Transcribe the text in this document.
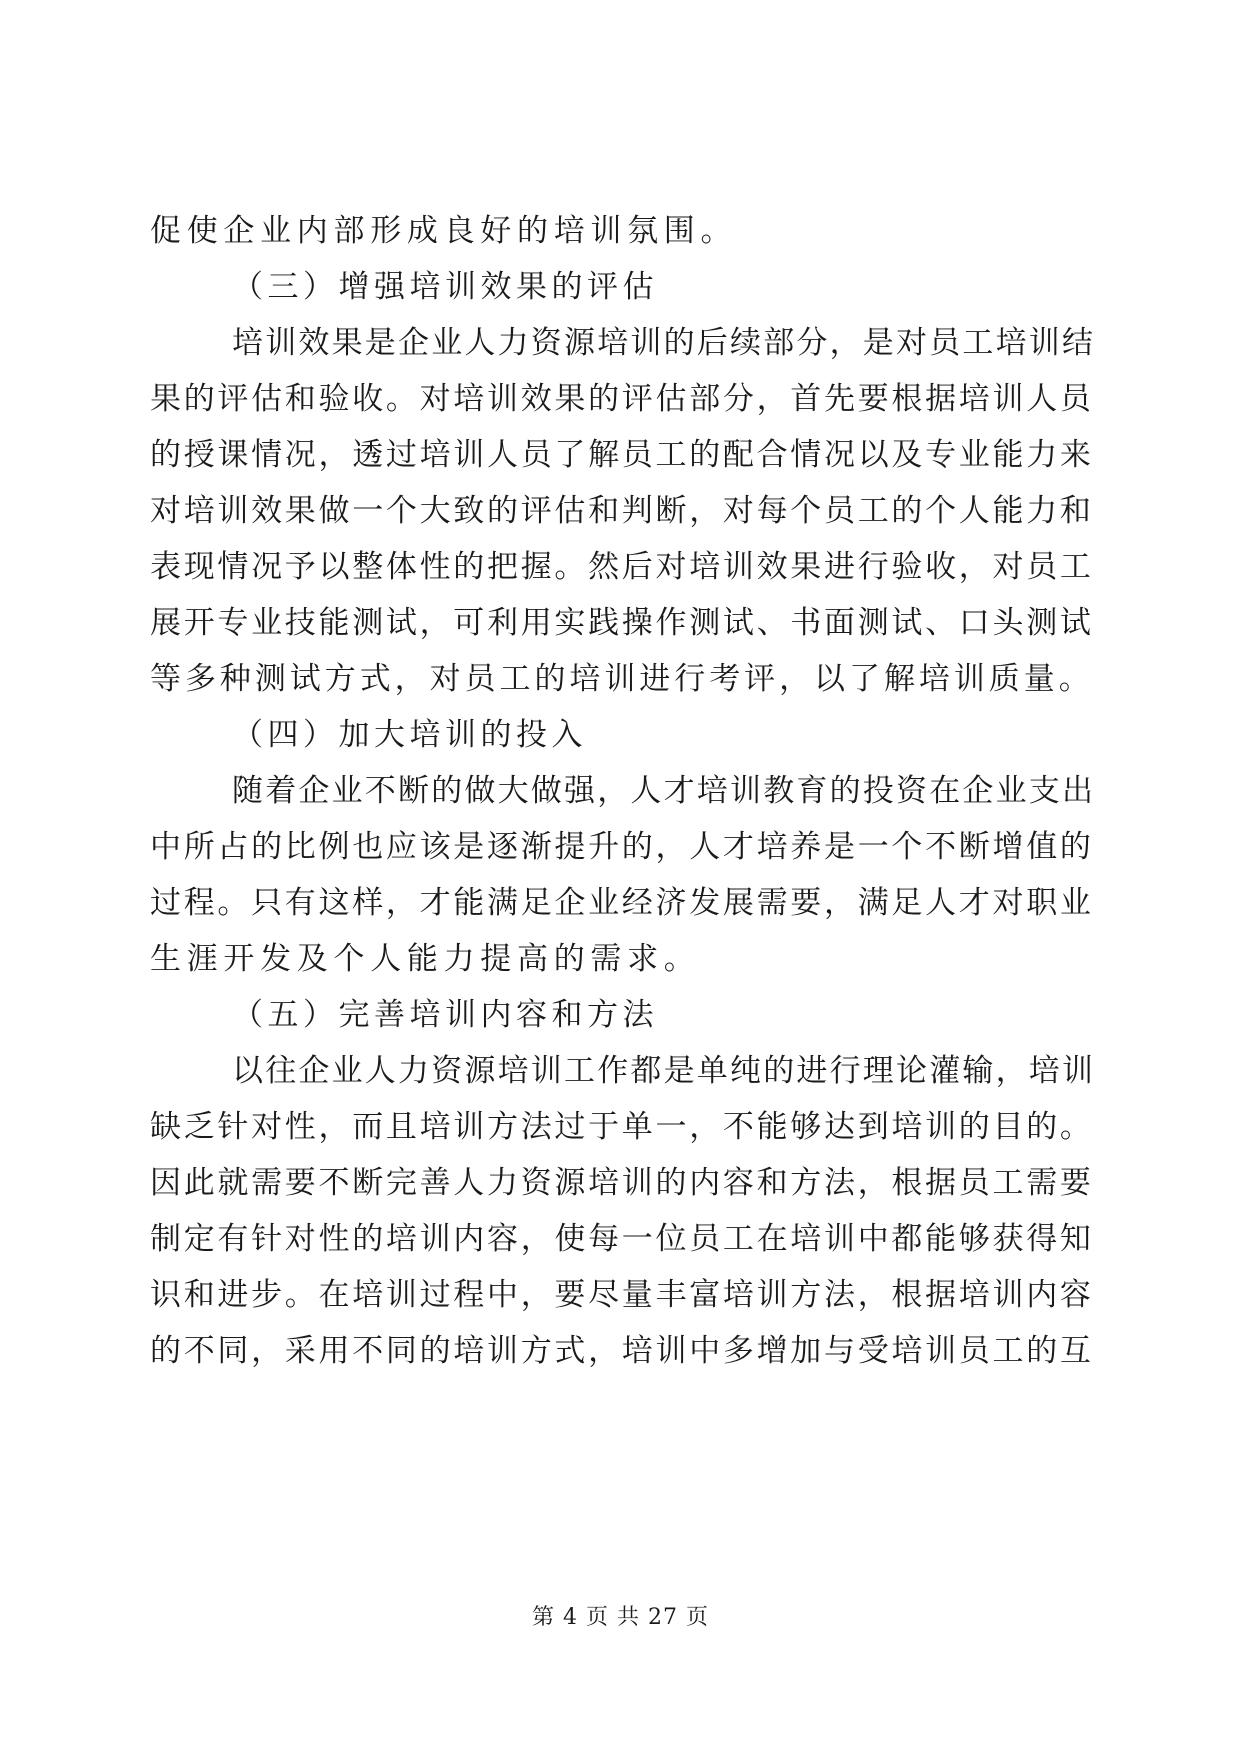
促使企业内部形成良好的培训氛围。
（三）增强培训效果的评估
培训效果是企业人力资源培训的后续部分，是对员工培训结
果的评估和验收。对培训效果的评估部分，首先要根据培训人员
的授课情况，透过培训人员了解员工的配合情况以及专业能力来
对培训效果做一个大致的评估和判断，对每个员工的个人能力和
表现情况予以整体性的把握。然后对培训效果进行验收，对员工
展开专业技能测试，可利用实践操作测试、书面测试、口头测试
等多种测试方式，对员工的培训进行考评，以了解培训质量。
（四）加大培训的投入
随着企业不断的做大做强，人才培训教育的投资在企业支出
中所占的比例也应该是逐渐提升的，人才培养是一个不断增值的
过程。只有这样，才能满足企业经济发展需要，满足人才对职业
生涯开发及个人能力提高的需求。
（五）完善培训内容和方法
以往企业人力资源培训工作都是单纯的进行理论灌输，培训
缺乏针对性，而且培训方法过于单一，不能够达到培训的目的。
因此就需要不断完善人力资源培训的内容和方法，根据员工需要
制定有针对性的培训内容，使每一位员工在培训中都能够获得知
识和进步。在培训过程中，要尽量丰富培训方法，根据培训内容
的不同，采用不同的培训方式，培训中多增加与受培训员工的互
第 4 页 共 27 页
